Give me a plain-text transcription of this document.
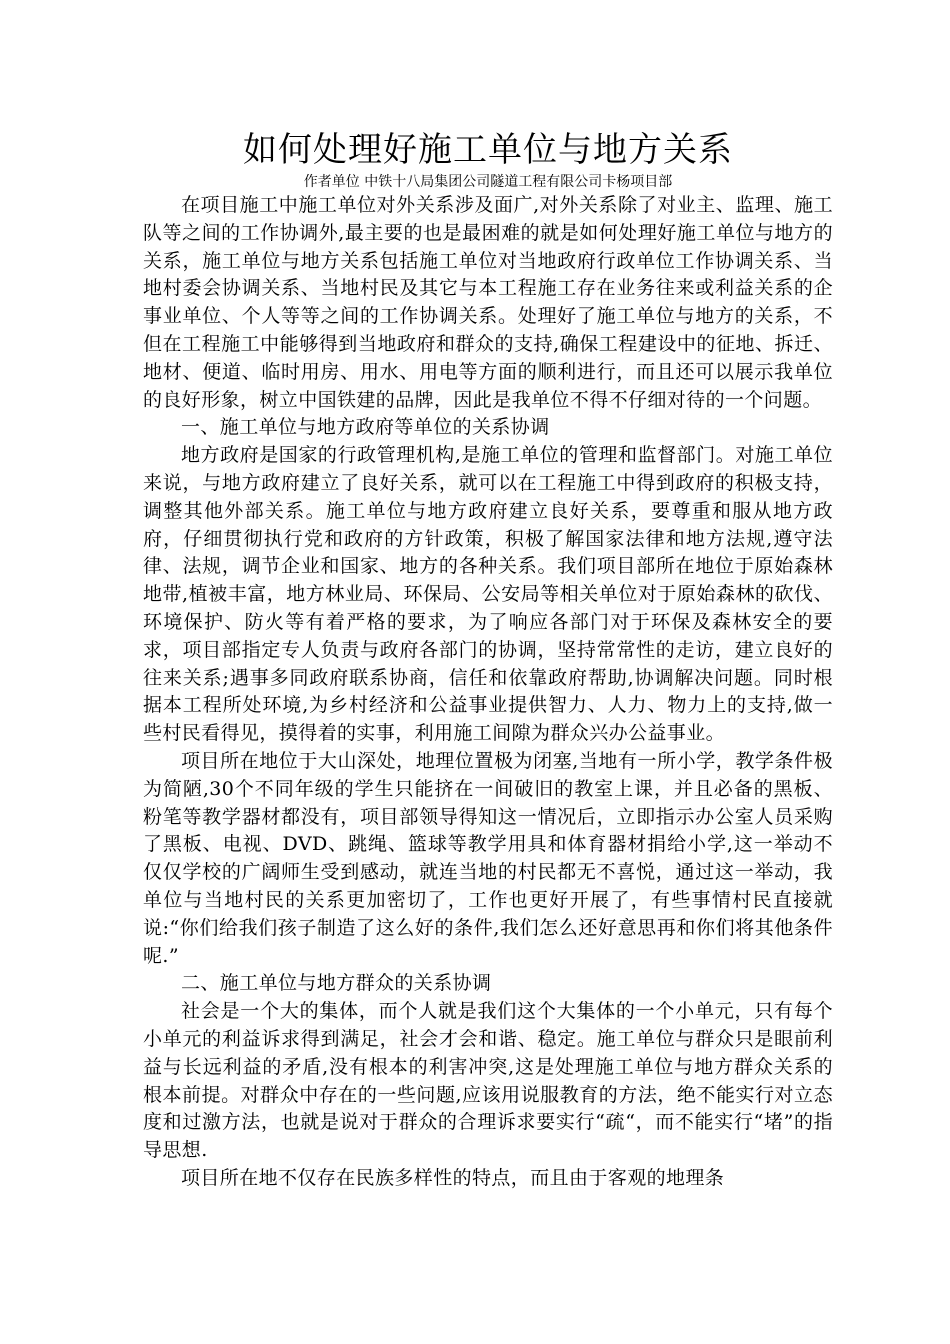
如何处理好施工单位与地方关系

作者单位 中铁十八局集团公司隧道工程有限公司卡杨项目部

在项目施工中施工单位对外关系涉及面广,对外关系除了对业主、监理、施工队等之间的工作协调外,最主要的也是最困难的就是如何处理好施工单位与地方的关系，施工单位与地方关系包括施工单位对当地政府行政单位工作协调关系、当地村委会协调关系、当地村民及其它与本工程施工存在业务往来或利益关系的企事业单位、个人等等之间的工作协调关系。处理好了施工单位与地方的关系，不但在工程施工中能够得到当地政府和群众的支持,确保工程建设中的征地、拆迁、地材、便道、临时用房、用水、用电等方面的顺利进行，而且还可以展示我单位的良好形象，树立中国铁建的品牌，因此是我单位不得不仔细对待的一个问题。

一、施工单位与地方政府等单位的关系协调

地方政府是国家的行政管理机构,是施工单位的管理和监督部门。对施工单位来说，与地方政府建立了良好关系，就可以在工程施工中得到政府的积极支持，调整其他外部关系。施工单位与地方政府建立良好关系，要尊重和服从地方政府，仔细贯彻执行党和政府的方针政策，积极了解国家法律和地方法规,遵守法律、法规，调节企业和国家、地方的各种关系。我们项目部所在地位于原始森林地带,植被丰富，地方林业局、环保局、公安局等相关单位对于原始森林的砍伐、环境保护、防火等有着严格的要求，为了响应各部门对于环保及森林安全的要求，项目部指定专人负责与政府各部门的协调，坚持常常性的走访，建立良好的往来关系;遇事多同政府联系协商，信任和依靠政府帮助,协调解决问题。同时根据本工程所处环境,为乡村经济和公益事业提供智力、人力、物力上的支持,做一些村民看得见，摸得着的实事，利用施工间隙为群众兴办公益事业。

项目所在地位于大山深处，地理位置极为闭塞,当地有一所小学，教学条件极为简陋,30个不同年级的学生只能挤在一间破旧的教室上课，并且必备的黑板、粉笔等教学器材都没有，项目部领导得知这一情况后，立即指示办公室人员采购了黑板、电视、DVD、跳绳、篮球等教学用具和体育器材捐给小学,这一举动不仅仅学校的广阔师生受到感动，就连当地的村民都无不喜悦，通过这一举动，我单位与当地村民的关系更加密切了，工作也更好开展了，有些事情村民直接就说:“你们给我们孩子制造了这么好的条件,我们怎么还好意思再和你们将其他条件呢.”

二、施工单位与地方群众的关系协调

社会是一个大的集体，而个人就是我们这个大集体的一个小单元，只有每个小单元的利益诉求得到满足，社会才会和谐、稳定。施工单位与群众只是眼前利益与长远利益的矛盾,没有根本的利害冲突,这是处理施工单位与地方群众关系的根本前提。对群众中存在的一些问题,应该用说服教育的方法，绝不能实行对立态度和过激方法，也就是说对于群众的合理诉求要实行“疏“，而不能实行“堵”的指导思想.

项目所在地不仅存在民族多样性的特点，而且由于客观的地理条
